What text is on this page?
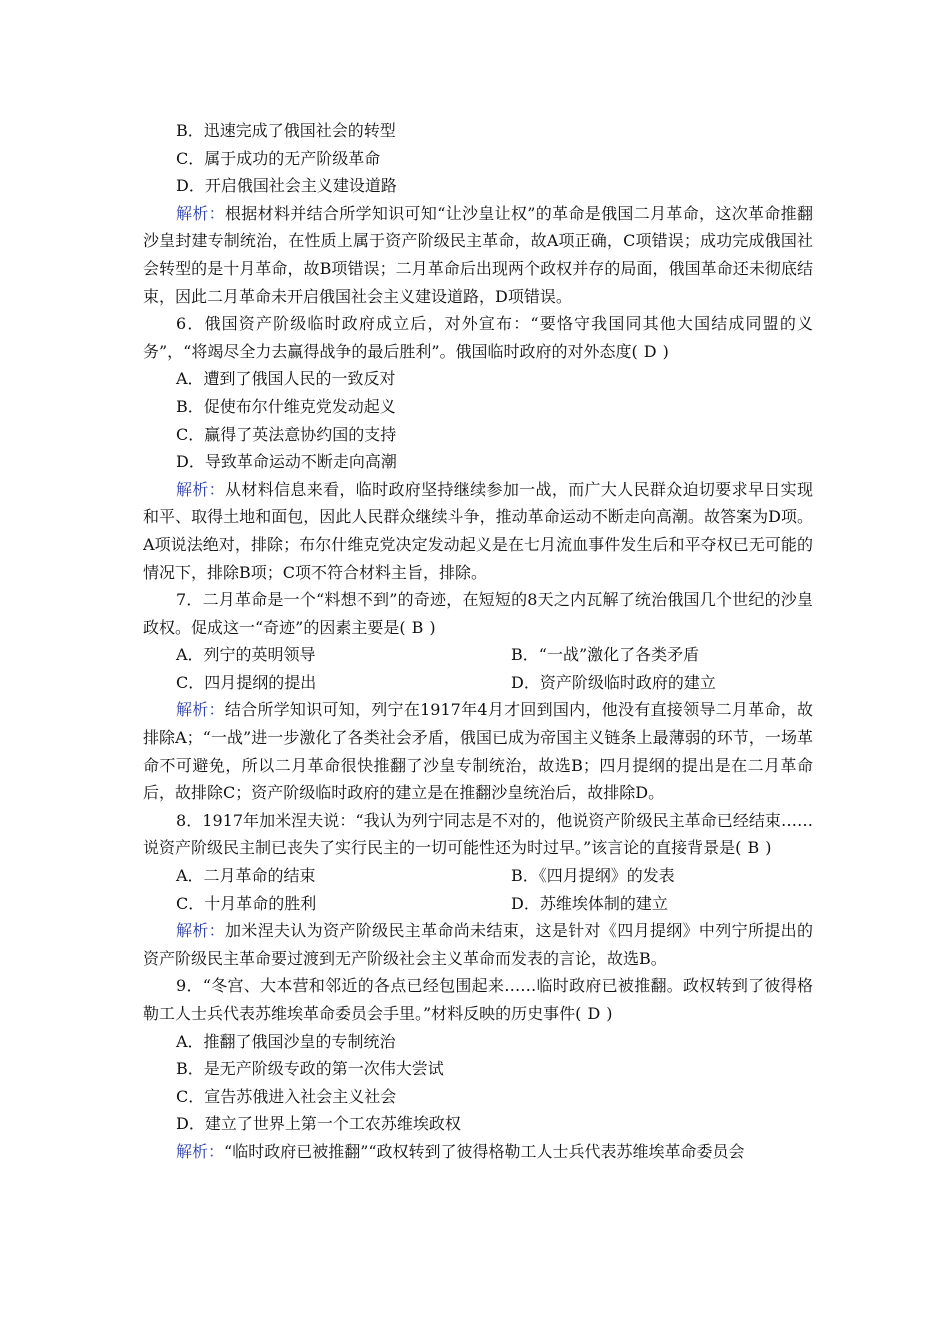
B．迅速完成了俄国社会的转型
C．属于成功的无产阶级革命
D．开启俄国社会主义建设道路
解析：根据材料并结合所学知识可知“让沙皇让权”的革命是俄国二月革命，这次革命推翻沙皇封建专制统治，在性质上属于资产阶级民主革命，故A项正确，C项错误；成功完成俄国社会转型的是十月革命，故B项错误；二月革命后出现两个政权并存的局面，俄国革命还未彻底结束，因此二月革命未开启俄国社会主义建设道路，D项错误。
6．俄国资产阶级临时政府成立后，对外宣布：“要恪守我国同其他大国结成同盟的义务”，“将竭尽全力去赢得战争的最后胜利”。俄国临时政府的对外态度( D )
A．遭到了俄国人民的一致反对
B．促使布尔什维克党发动起义
C．赢得了英法意协约国的支持
D．导致革命运动不断走向高潮
解析：从材料信息来看，临时政府坚持继续参加一战，而广大人民群众迫切要求早日实现和平、取得土地和面包，因此人民群众继续斗争，推动革命运动不断走向高潮。故答案为D项。A项说法绝对，排除；布尔什维克党决定发动起义是在七月流血事件发生后和平夺权已无可能的情况下，排除B项；C项不符合材料主旨，排除。
7．二月革命是一个“料想不到”的奇迹，在短短的8天之内瓦解了统治俄国几个世纪的沙皇政权。促成这一“奇迹”的因素主要是( B )
A．列宁的英明领导	B．“一战”激化了各类矛盾
C．四月提纲的提出	D．资产阶级临时政府的建立
解析：结合所学知识可知，列宁在1917年4月才回到国内，他没有直接领导二月革命，故排除A；“一战”进一步激化了各类社会矛盾，俄国已成为帝国主义链条上最薄弱的环节，一场革命不可避免，所以二月革命很快推翻了沙皇专制统治，故选B；四月提纲的提出是在二月革命后，故排除C；资产阶级临时政府的建立是在推翻沙皇统治后，故排除D。
8．1917年加米涅夫说：“我认为列宁同志是不对的，他说资产阶级民主革命已经结束……说资产阶级民主制已丧失了实行民主的一切可能性还为时过早。”该言论的直接背景是( B )
A．二月革命的结束	B．《四月提纲》的发表
C．十月革命的胜利	D．苏维埃体制的建立
解析：加米涅夫认为资产阶级民主革命尚未结束，这是针对《四月提纲》中列宁所提出的资产阶级民主革命要过渡到无产阶级社会主义革命而发表的言论，故选B。
9．“冬宫、大本营和邻近的各点已经包围起来……临时政府已被推翻。政权转到了彼得格勒工人士兵代表苏维埃革命委员会手里。”材料反映的历史事件( D )
A．推翻了俄国沙皇的专制统治
B．是无产阶级专政的第一次伟大尝试
C．宣告苏俄进入社会主义社会
D．建立了世界上第一个工农苏维埃政权
解析：“临时政府已被推翻”“政权转到了彼得格勒工人士兵代表苏维埃革命委员会
